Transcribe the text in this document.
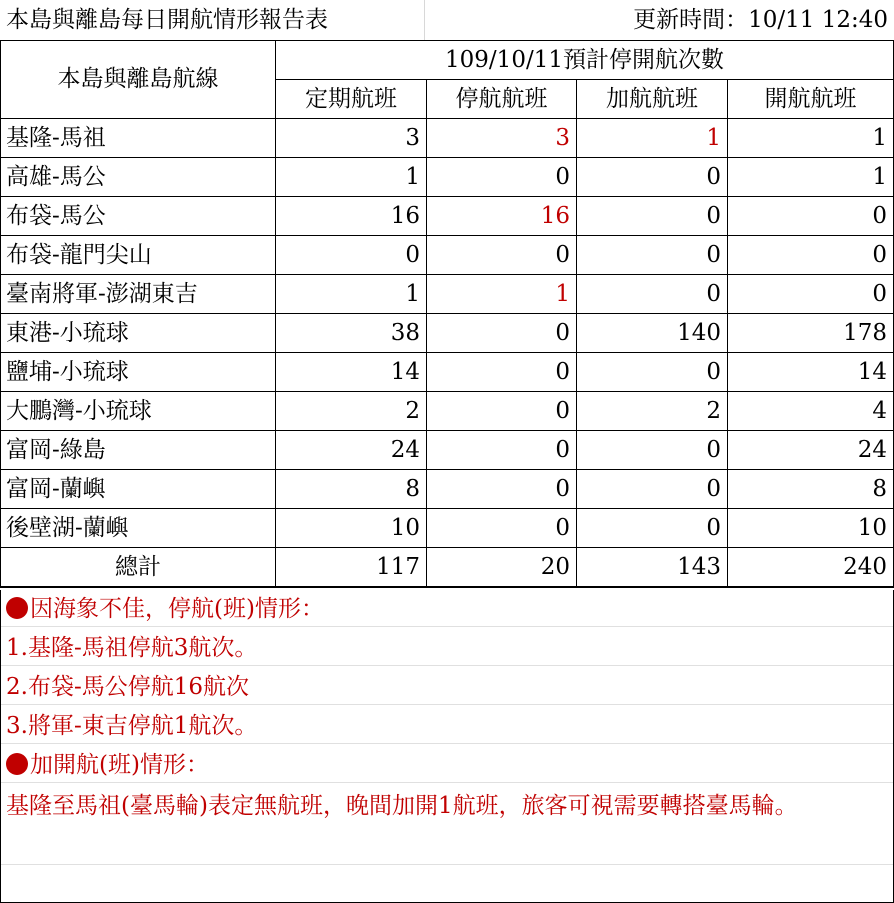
本島與離島每日開航情形報告表	更新時間：10/11 12:40
本島與離島航線	109/10/11預計停開航次數			
	定期航班	停航航班	加航航班	開航航班
基隆-馬祖	3	3	1	1
高雄-馬公	1	0	0	1
布袋-馬公	16	16	0	0
布袋-龍門尖山	0	0	0	0
臺南將軍-澎湖東吉	1	1	0	0
東港-小琉球	38	0	140	178
鹽埔-小琉球	14	0	0	14
大鵬灣-小琉球	2	0	2	4
富岡-綠島	24	0	0	24
富岡-蘭嶼	8	0	0	8
後壁湖-蘭嶼	10	0	0	10
總計	117	20	143	240
因海象不佳，停航(班)情形：
1.基隆-馬祖停航3航次。
2.布袋-馬公停航16航次
3.將軍-東吉停航1航次。
加開航(班)情形：
基隆至馬祖(臺馬輪)表定無航班，晚間加開1航班，旅客可視需要轉搭臺馬輪。
